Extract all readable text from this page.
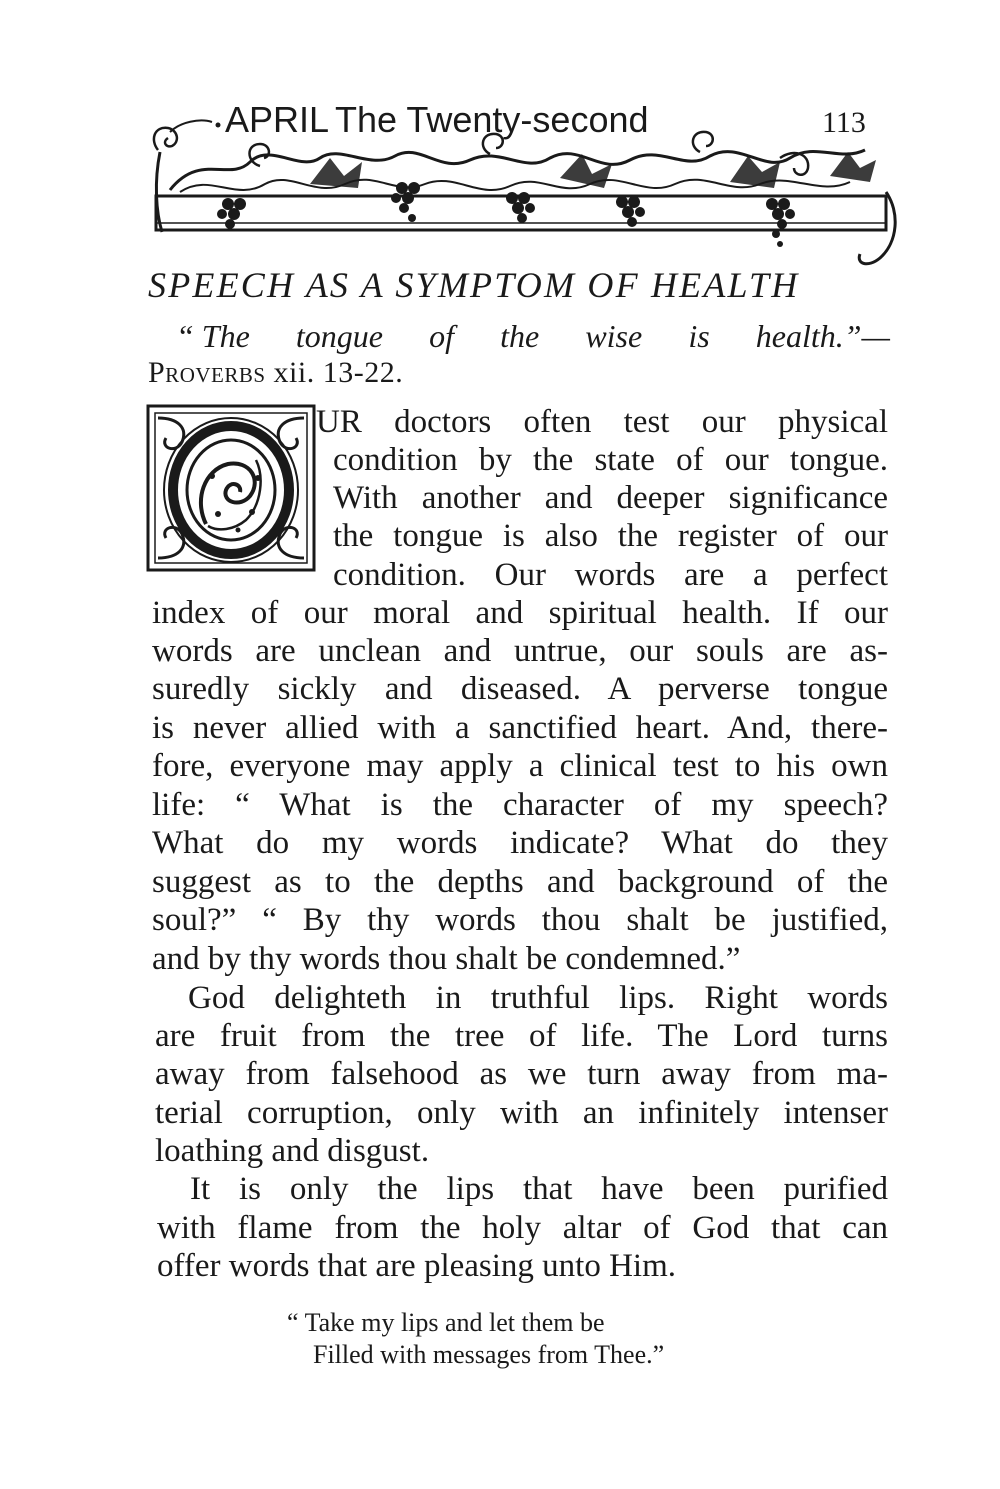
APRIL The Twenty-second	113
SPEECH AS A SYMPTOM OF HEALTH
“ The tongue of the wise is health.”—
Proverbs xii. 13-22.
UR doctors often test our physical
condition by the state of our tongue.
With another and deeper significance
the tongue is also the register of our
condition. Our words are a perfect
index of our moral and spiritual health. If our
words are unclean and untrue, our souls are as-
suredly sickly and diseased. A perverse tongue
is never allied with a sanctified heart. And, there-
fore, everyone may apply a clinical test to his own
life: “ What is the character of my speech?
What do my words indicate? What do they
suggest as to the depths and background of the
soul?” “ By thy words thou shalt be justified,
and by thy words thou shalt be condemned.”
God delighteth in truthful lips. Right words
are fruit from the tree of life. The Lord turns
away from falsehood as we turn away from ma-
terial corruption, only with an infinitely intenser
loathing and disgust.
It is only the lips that have been purified
with flame from the holy altar of God that can
offer words that are pleasing unto Him.
“ Take my lips and let them be
Filled with messages from Thee.”
